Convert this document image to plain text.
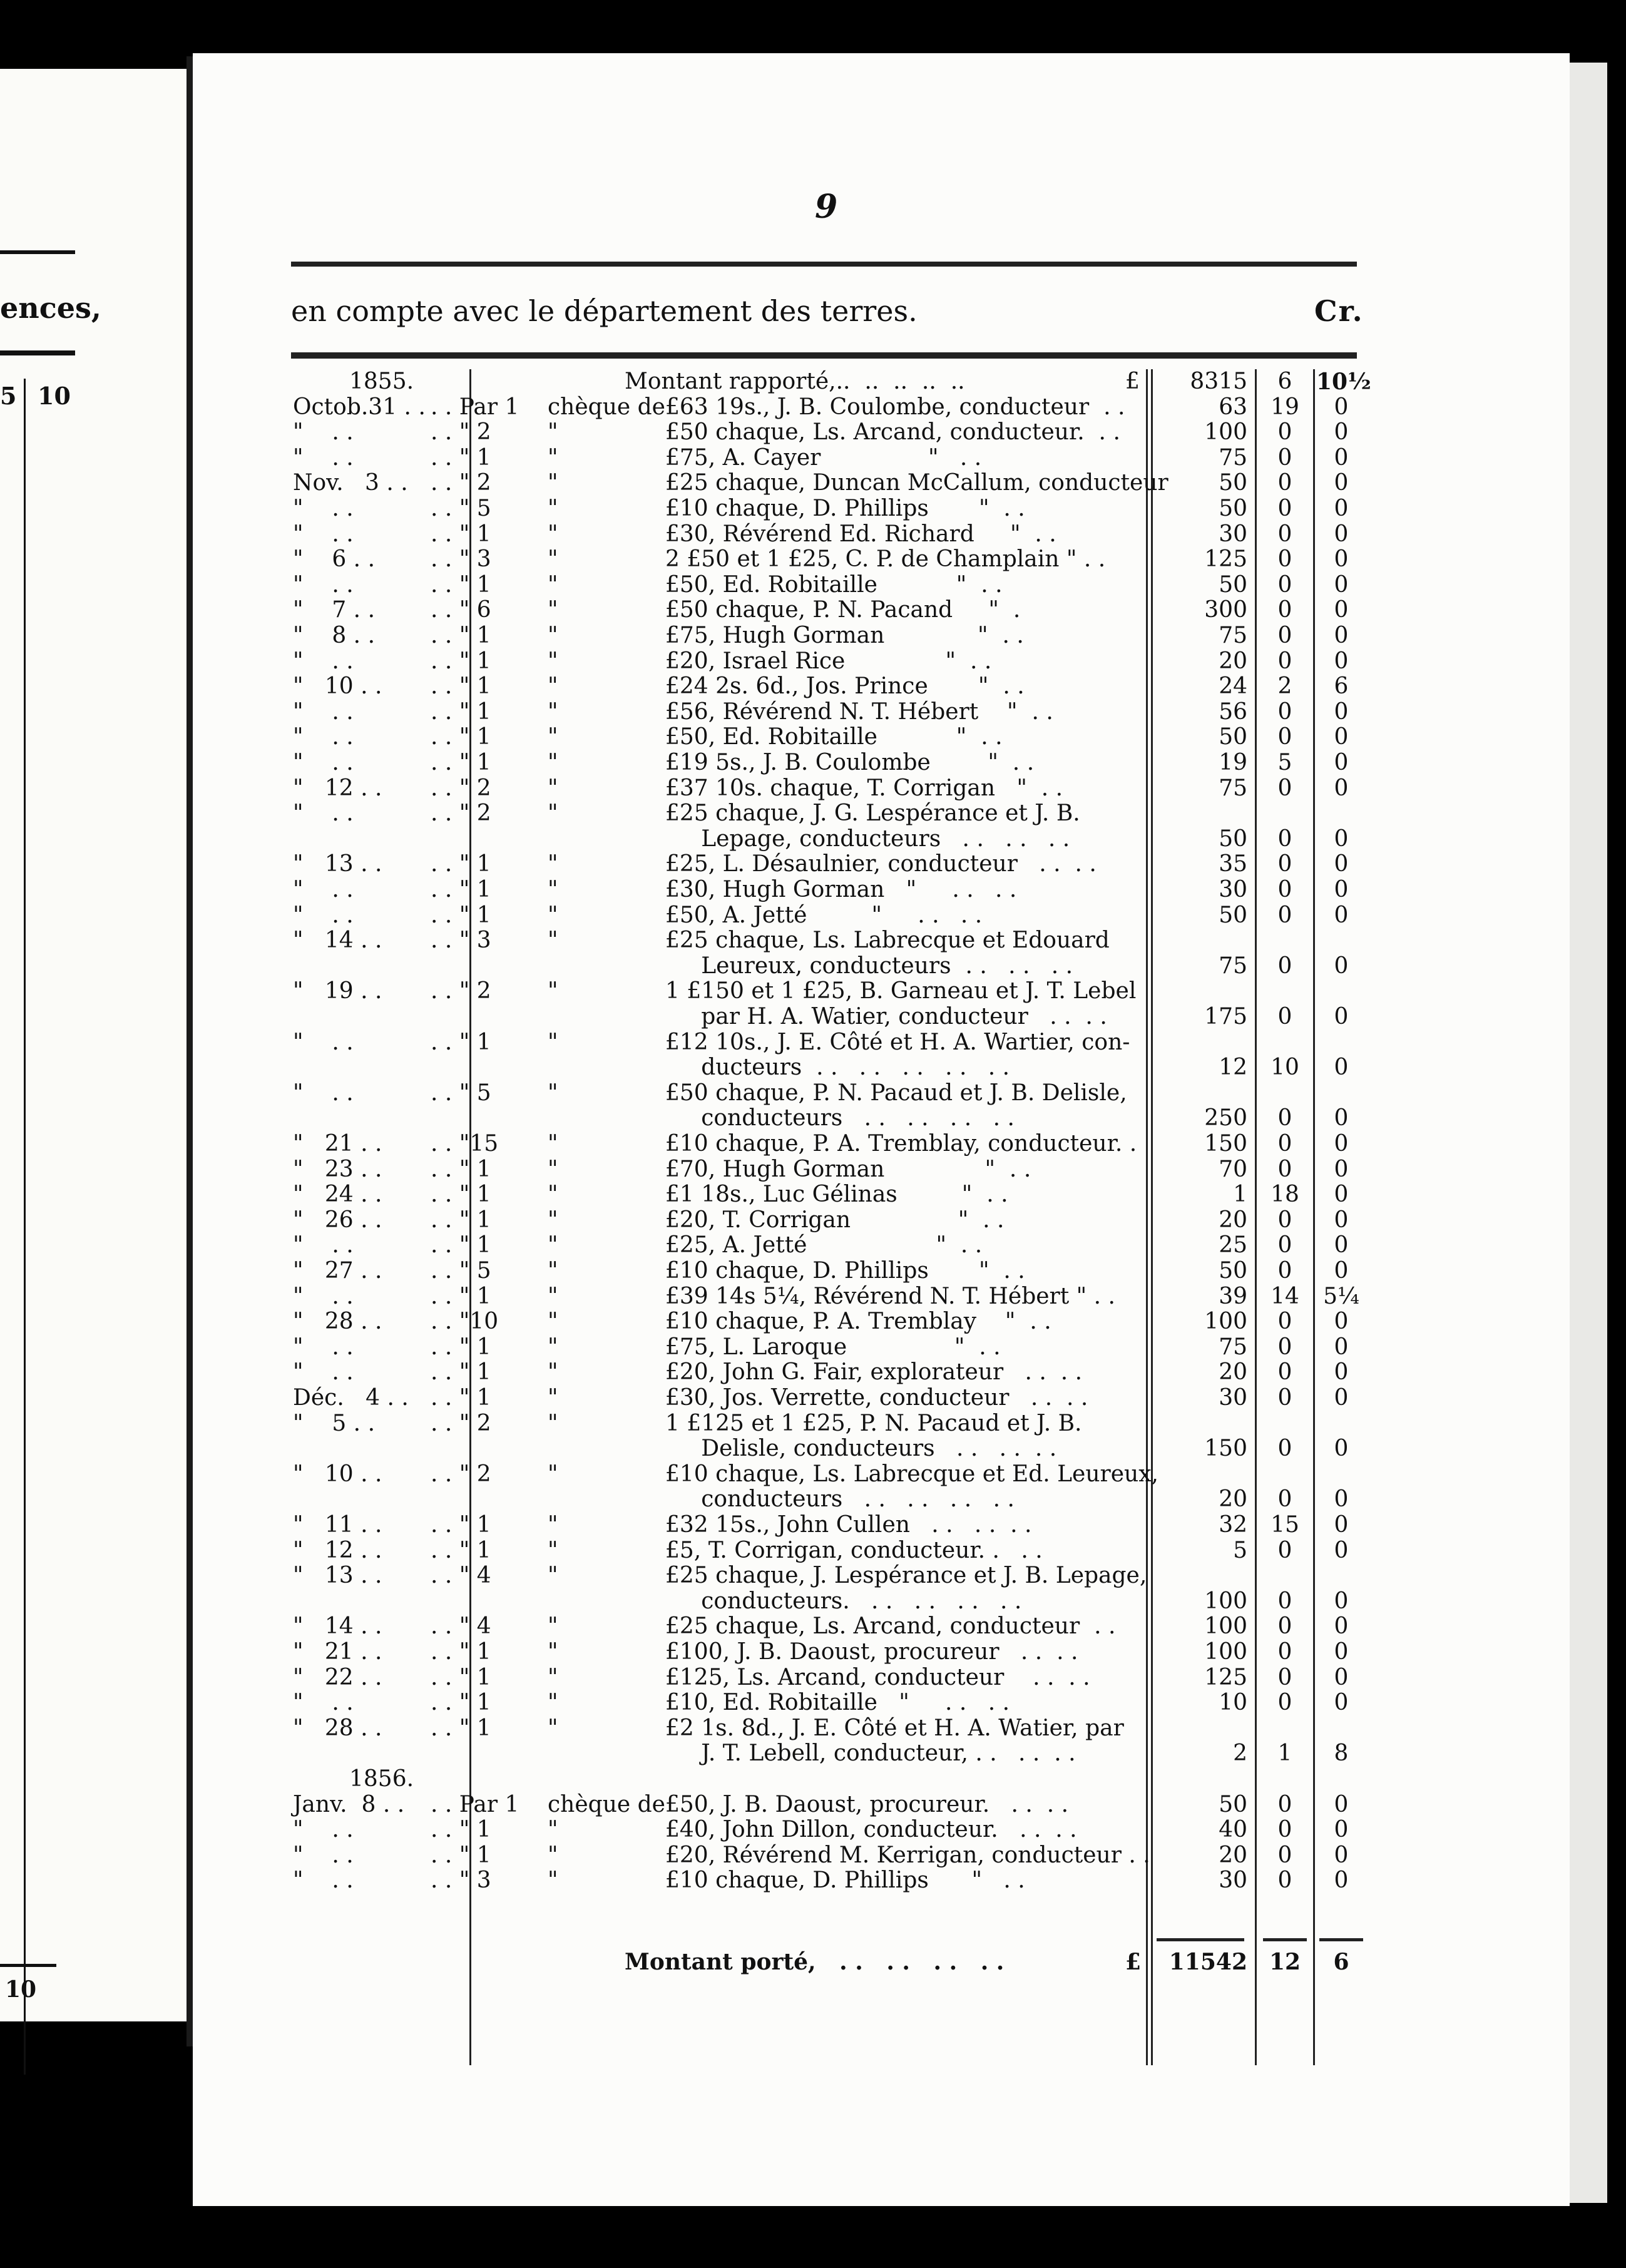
ences,
5 10
10
9
en compte avec le département des terres.	Cr.
1855.	Montant rapporté,..  ..  ..  ..  ..	£	8315	6	10½
Octob.31 . . . . Par 1 chèque de £63 19s., J. B. Coulombe, conducteur  . .	63	19	0
"    . .	. . " 2	"	£50 chaque, Ls. Arcand, conducteur.  . .	100	0	0
"    . .	. . " 1	"	£75, A. Cayer               "   . .	75	0	0
Nov.   3 . . . . " 2	"	£25 chaque, Duncan McCallum, conducteur	50	0	0
"    . .	. . " 5	"	£10 chaque, D. Phillips       "  . .	50	0	0
"    . .	. . " 1	"	£30, Révérend Ed. Richard     "  . .	30	0	0
"    6 . . . . " 3	"	2 £50 et 1 £25, C. P. de Champlain " . .	125	0	0
"    . .	. . " 1	"	£50, Ed. Robitaille           "  . .	50	0	0
"    7 . . . . " 6	"	£50 chaque, P. N. Pacand     "  .	300	0	0
"    8 . . . . " 1	"	£75, Hugh Gorman             "  . .	75	0	0
"    . .	. . " 1	"	£20, Israel Rice              "  . .	20	0	0
"   10 . . . . " 1	"	£24 2s. 6d., Jos. Prince       "  . .	24	2	6
"    . .	. . " 1	"	£56, Révérend N. T. Hébert    "  . .	56	0	0
"    . .	. . " 1	"	£50, Ed. Robitaille           "  . .	50	0	0
"    . .	. . " 1	"	£19 5s., J. B. Coulombe        "  . .	19	5	0
"   12 . . . . " 2	"	£37 10s. chaque, T. Corrigan   "  . .	75	0	0
"    . .	. . " 2	"	£25 chaque, J. G. Lespérance et J. B.
Lepage, conducteurs   . .   . .   . .	50	0	0
"   13 . . . . " 1	"	£25, L. Désaulnier, conducteur   . .  . .	35	0	0
"    . .	. . " 1	"	£30, Hugh Gorman   "     . .   . .	30	0	0
"    . .	. . " 1	"	£50, A. Jetté         "     . .   . .	50	0	0
"   14 . . . . " 3	"	£25 chaque, Ls. Labrecque et Edouard
Leureux, conducteurs  . .   . .   . .	75	0	0
"   19 . . . . " 2	"	1 £150 et 1 £25, B. Garneau et J. T. Lebel
par H. A. Watier, conducteur   . .  . .	175	0	0
"    . .	. . " 1	"	£12 10s., J. E. Côté et H. A. Wartier, con-
ducteurs  . .   . .   . .   . .   . .	12	10	0
"    . .	. . " 5	"	£50 chaque, P. N. Pacaud et J. B. Delisle,
conducteurs   . .   . .   . .   . .	250	0	0
"   21 . . . . "15 "	£10 chaque, P. A. Tremblay, conducteur. .	150	0	0
"   23 . . . . " 1	"	£70, Hugh Gorman              "  . .	70	0	0
"   24 . . . . " 1	"	£1 18s., Luc Gélinas         "  . .	1	18	0
"   26 . . . . " 1	"	£20, T. Corrigan               "  . .	20	0	0
"    . .	. . " 1	"	£25, A. Jetté                  "  . .	25	0	0
"   27 . . . . " 5	"	£10 chaque, D. Phillips       "  . .	50	0	0
"    . .	. . " 1	"	£39 14s 5¼, Révérend N. T. Hébert " . .	39	14	5¼
"   28 . . . . "10 "	£10 chaque, P. A. Tremblay    "  . .	100	0	0
"    . .	. . " 1	"	£75, L. Laroque               "  . .	75	0	0
"    . .	. . " 1	"	£20, John G. Fair, explorateur   . .  . .	20	0	0
Déc.   4 . . . . " 1	"	£30, Jos. Verrette, conducteur   . .  . .	30	0	0
"    5 . . . . " 2	"	1 £125 et 1 £25, P. N. Pacaud et J. B.
Delisle, conducteurs   . .   . .  . .	150	0	0
"   10 . . . . " 2	"	£10 chaque, Ls. Labrecque et Ed. Leureux,
conducteurs   . .   . .   . .   . .	20	0	0
"   11 . . . . " 1	"	£32 15s., John Cullen   . .   . .  . .	32	15	0
"   12 . . . . " 1	"	£5, T. Corrigan, conducteur. .   . .	5	0	0
"   13 . . . . " 4	"	£25 chaque, J. Lespérance et J. B. Lepage,
conducteurs.   . .   . .   . .   . .	100	0	0
"   14 . . . . " 4	"	£25 chaque, Ls. Arcand, conducteur  . .	100	0	0
"   21 . . . . " 1	"	£100, J. B. Daoust, procureur   . .  . .	100	0	0
"   22 . . . . " 1	"	£125, Ls. Arcand, conducteur    . .  . .	125	0	0
"    . .	. . " 1	"	£10, Ed. Robitaille   "     . .   . .	10	0	0
"   28 . . . . " 1	"	£2 1s. 8d., J. E. Côté et H. A. Watier, par
J. T. Lebell, conducteur, . .   . .  . .	2	1	8
1856.
Janv.  8 . . . . Par 1 chèque de £50, J. B. Daoust, procureur.   . .  . .	50	0	0
"    . .	. . " 1	"	£40, John Dillon, conducteur.   . .  . .	40	0	0
"    . .	. . " 1	"	£20, Révérend M. Kerrigan, conducteur . .	20	0	0
"    . .	. . " 3	"	£10 chaque, D. Phillips      "   . .	30	0	0
Montant porté,   . .   . .   . .   . .	£	11542 12	6
